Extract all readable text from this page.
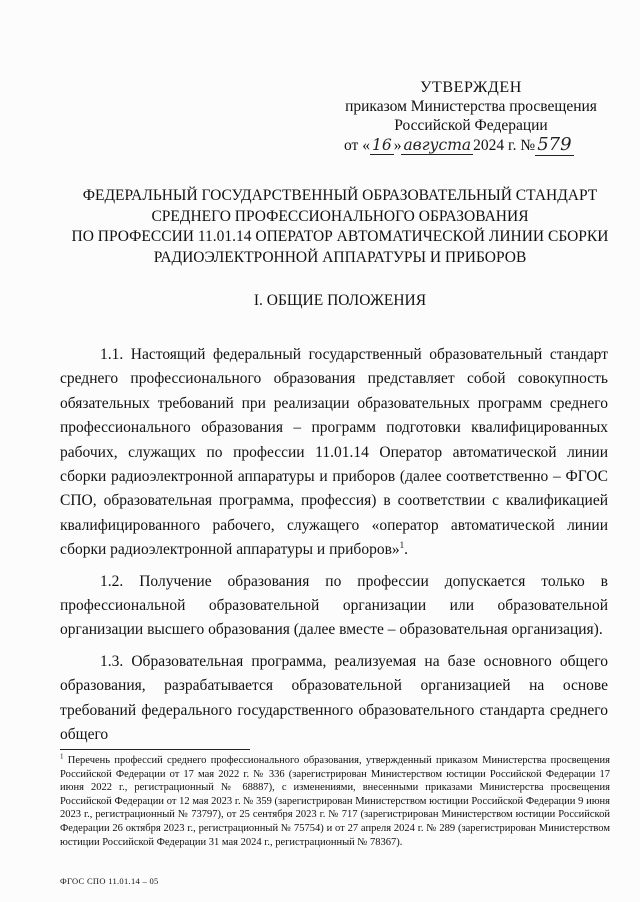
УТВЕРЖДЕН
приказом Министерства просвещения
Российской Федерации
от « 16 » августа 2024 г. № 579
ФЕДЕРАЛЬНЫЙ ГОСУДАРСТВЕННЫЙ ОБРАЗОВАТЕЛЬНЫЙ СТАНДАРТ
СРЕДНЕГО ПРОФЕССИОНАЛЬНОГО ОБРАЗОВАНИЯ
ПО ПРОФЕССИИ 11.01.14 ОПЕРАТОР АВТОМАТИЧЕСКОЙ ЛИНИИ СБОРКИ
РАДИОЭЛЕКТРОННОЙ АППАРАТУРЫ И ПРИБОРОВ
I. ОБЩИЕ ПОЛОЖЕНИЯ

1.1. Настоящий федеральный государственный образовательный стандарт среднего профессионального образования представляет собой совокупность обязательных требований при реализации образовательных программ среднего профессионального образования – программ подготовки квалифицированных рабочих, служащих по профессии 11.01.14 Оператор автоматической линии сборки радиоэлектронной аппаратуры и приборов (далее соответственно – ФГОС СПО, образовательная программа, профессия) в соответствии с квалификацией квалифицированного рабочего, служащего «оператор автоматической линии сборки радиоэлектронной аппаратуры и приборов»$^1$.

1.2. Получение образования по профессии допускается только в профессиональной образовательной организации или образовательной организации высшего образования (далее вместе – образовательная организация).

1.3. Образовательная программа, реализуемая на базе основного общего образования, разрабатывается образовательной организацией на основе требований федерального государственного образовательного стандарта среднего общего

$^1$ Перечень профессий среднего профессионального образования, утвержденный приказом Министерства просвещения Российской Федерации от 17 мая 2022 г. № 336 (зарегистрирован Министерством юстиции Российской Федерации 17 июня 2022 г., регистрационный № 68887), с изменениями, внесенными приказами Министерства просвещения Российской Федерации от 12 мая 2023 г. № 359 (зарегистрирован Министерством юстиции Российской Федерации 9 июня 2023 г., регистрационный № 73797), от 25 сентября 2023 г. № 717 (зарегистрирован Министерством юстиции Российской Федерации 26 октября 2023 г., регистрационный № 75754) и от 27 апреля 2024 г. № 289 (зарегистрирован Министерством юстиции Российской Федерации 31 мая 2024 г., регистрационный № 78367).
ФГОС СПО 11.01.14 – 05
